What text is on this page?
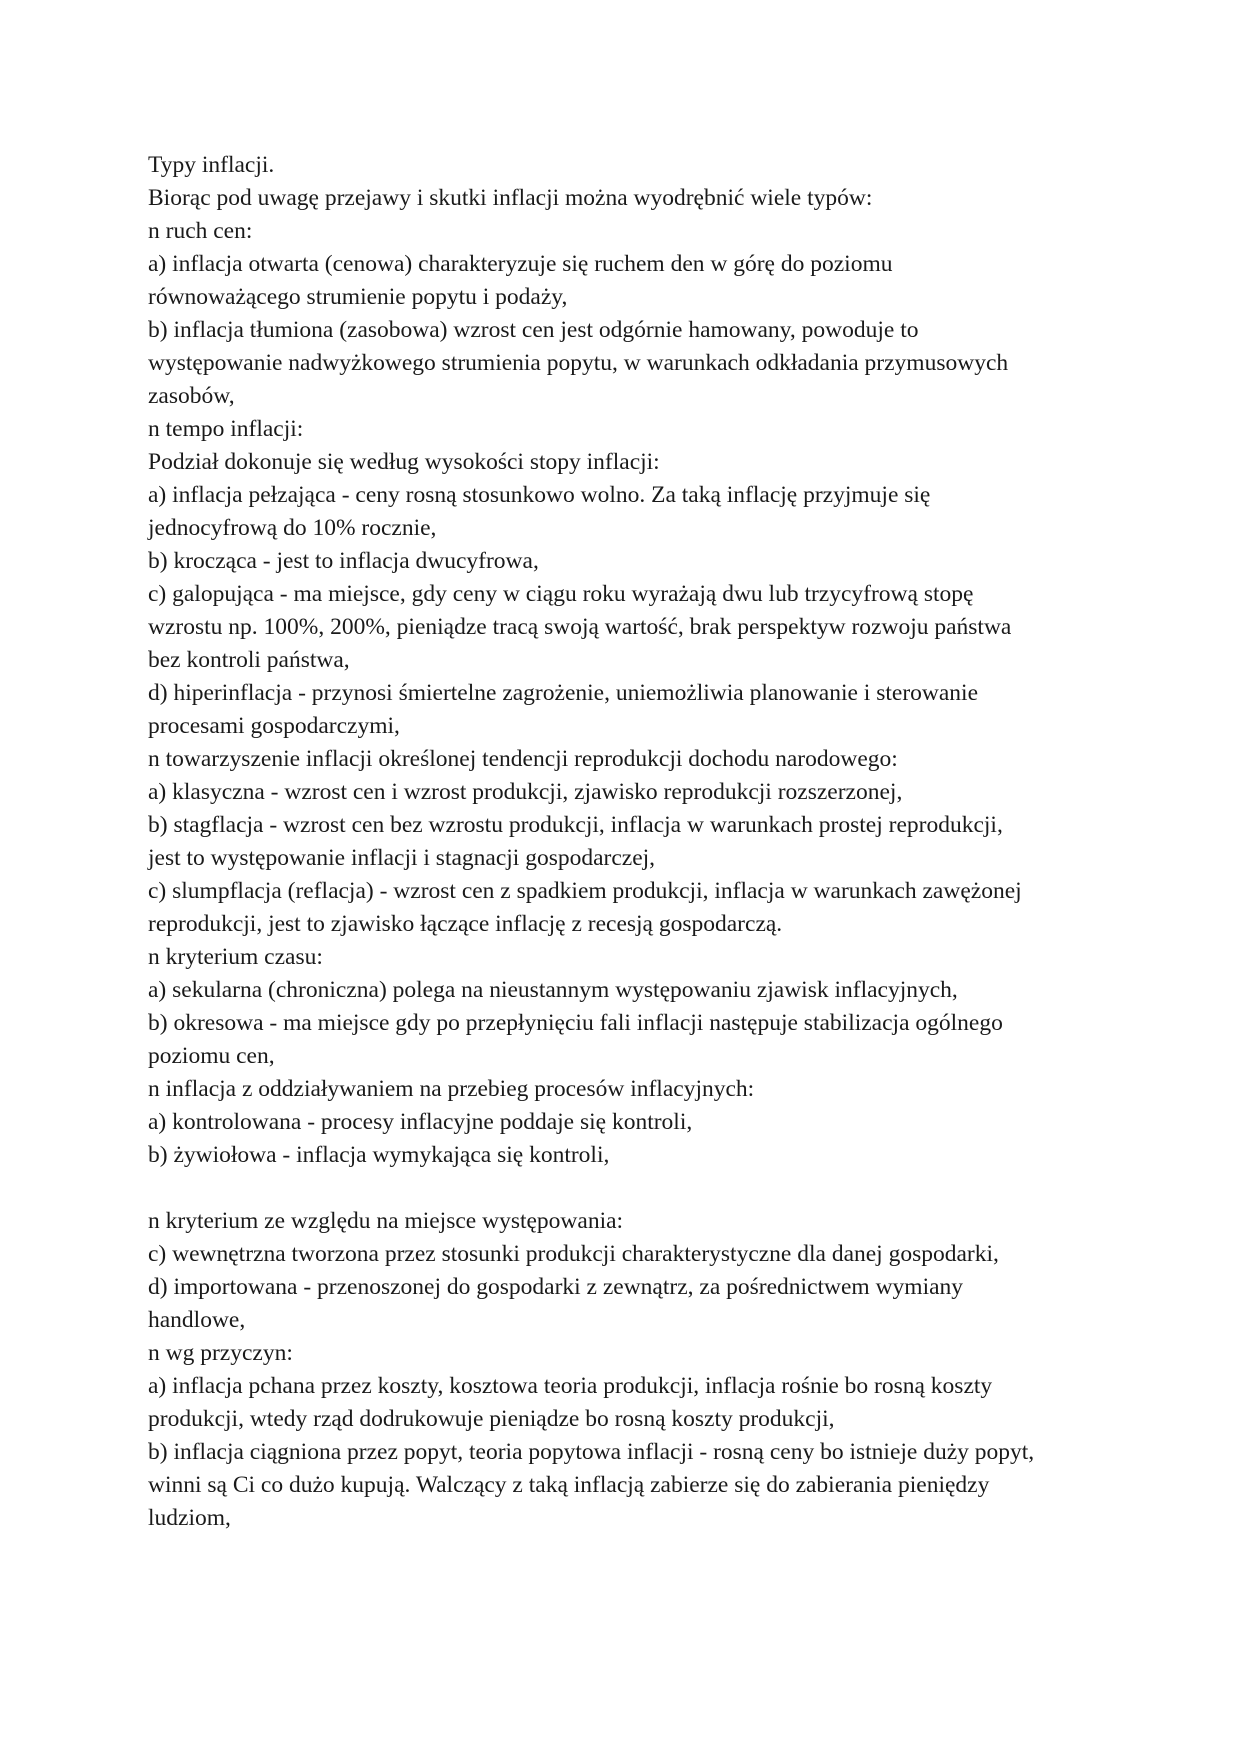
Typy inflacji.
Biorąc pod uwagę przejawy i skutki inflacji można wyodrębnić wiele typów:
n ruch cen:
a) inflacja otwarta (cenowa) charakteryzuje się ruchem den w górę do poziomu
równoważącego strumienie popytu i podaży,
b) inflacja tłumiona (zasobowa) wzrost cen jest odgórnie hamowany, powoduje to
występowanie nadwyżkowego strumienia popytu, w warunkach odkładania przymusowych
zasobów,
n tempo inflacji:
Podział dokonuje się według wysokości stopy inflacji:
a) inflacja pełzająca - ceny rosną stosunkowo wolno. Za taką inflację przyjmuje się
jednocyfrową do 10% rocznie,
b) krocząca - jest to inflacja dwucyfrowa,
c) galopująca - ma miejsce, gdy ceny w ciągu roku wyrażają dwu lub trzycyfrową stopę
wzrostu np. 100%, 200%, pieniądze tracą swoją wartość, brak perspektyw rozwoju państwa
bez kontroli państwa,
d) hiperinflacja - przynosi śmiertelne zagrożenie, uniemożliwia planowanie i sterowanie
procesami gospodarczymi,
n towarzyszenie inflacji określonej tendencji reprodukcji dochodu narodowego:
a) klasyczna - wzrost cen i wzrost produkcji, zjawisko reprodukcji rozszerzonej,
b) stagflacja - wzrost cen bez wzrostu produkcji, inflacja w warunkach prostej reprodukcji,
jest to występowanie inflacji i stagnacji gospodarczej,
c) slumpflacja (reflacja) - wzrost cen z spadkiem produkcji, inflacja w warunkach zawężonej
reprodukcji, jest to zjawisko łączące inflację z recesją gospodarczą.
n kryterium czasu:
a) sekularna (chroniczna) polega na nieustannym występowaniu zjawisk inflacyjnych,
b) okresowa - ma miejsce gdy po przepłynięciu fali inflacji następuje stabilizacja ogólnego
poziomu cen,
n inflacja z oddziaływaniem na przebieg procesów inflacyjnych:
a) kontrolowana - procesy inflacyjne poddaje się kontroli,
b) żywiołowa - inflacja wymykająca się kontroli,
n kryterium ze względu na miejsce występowania:
c) wewnętrzna tworzona przez stosunki produkcji charakterystyczne dla danej gospodarki,
d) importowana - przenoszonej do gospodarki z zewnątrz, za pośrednictwem wymiany
handlowe,
n wg przyczyn:
a) inflacja pchana przez koszty, kosztowa teoria produkcji, inflacja rośnie bo rosną koszty
produkcji, wtedy rząd dodrukowuje pieniądze bo rosną koszty produkcji,
b) inflacja ciągniona przez popyt, teoria popytowa inflacji - rosną ceny bo istnieje duży popyt,
winni są Ci co dużo kupują. Walczący z taką inflacją zabierze się do zabierania pieniędzy
ludziom,
